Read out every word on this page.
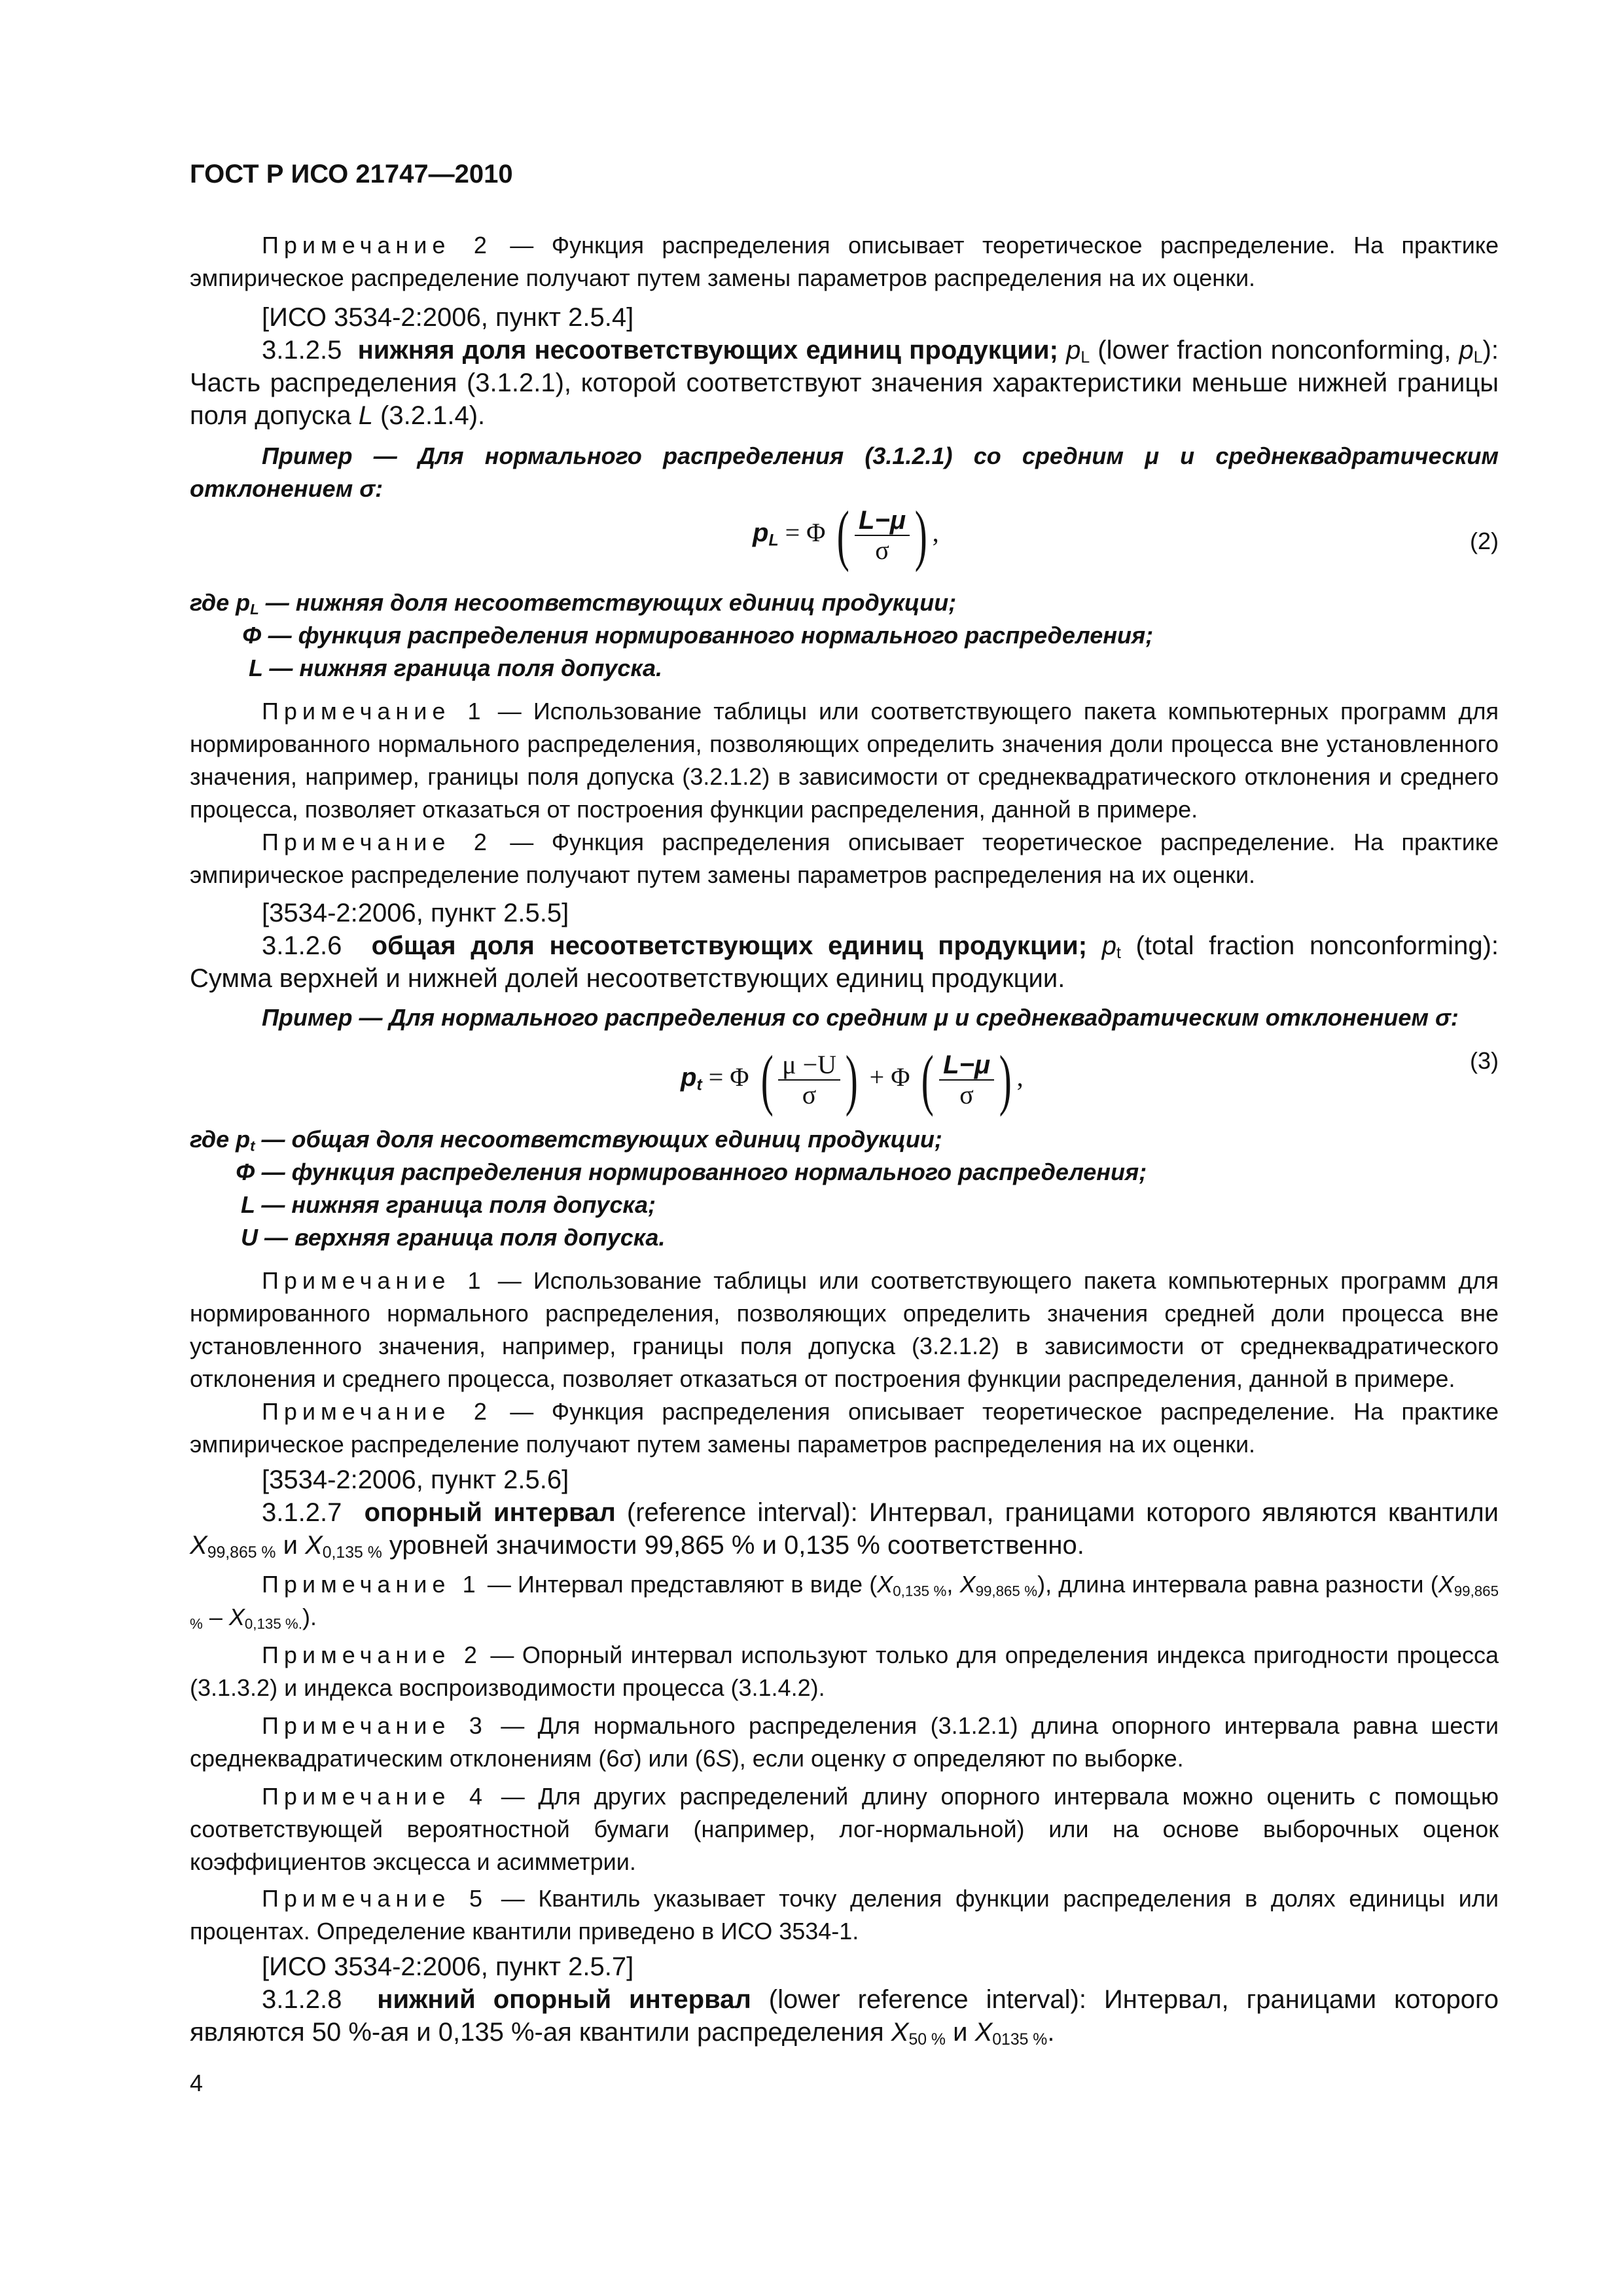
ГОСТ Р ИСО 21747—2010

Примечание 2 — Функция распределения описывает теоретическое распределение. На практике эмпирическое распределение получают путем замены параметров распределения на их оценки.

[ИСО 3534-2:2006, пункт 2.5.4]

3.1.2.5 нижняя доля несоответствующих единиц продукции; $p_L$ (lower fraction nonconforming, $p_L$): Часть распределения (3.1.2.1), которой соответствуют значения характеристики меньше нижней границы поля допуска L (3.2.1.4).

Пример — Для нормального распределения (3.1.2.1) со средним μ и среднеквадратическим отклонением σ:

$p_L = \Phi$ ( $\frac{L-\mu}{\sigma}$ ) ,	(2)

где $p_L$ — нижняя доля несоответствующих единиц продукции;

Φ — функция распределения нормированного нормального распределения;

L — нижняя граница поля допуска.

Примечание 1 — Использование таблицы или соответствующего пакета компьютерных программ для нормированного нормального распределения, позволяющих определить значения доли процесса вне установленного значения, например, границы поля допуска (3.2.1.2) в зависимости от среднеквадратического отклонения и среднего процесса, позволяет отказаться от построения функции распределения, данной в примере.

Примечание 2 — Функция распределения описывает теоретическое распределение. На практике эмпирическое распределение получают путем замены параметров распределения на их оценки.

[3534-2:2006, пункт 2.5.5]

3.1.2.6 общая доля несоответствующих единиц продукции; $p_t$ (total fraction nonconforming): Сумма верхней и нижней долей несоответствующих единиц продукции.

Пример — Для нормального распределения со средним μ и среднеквадратическим отклонением σ:

$p_t = \Phi$ ( $\frac{\mu -U}{\sigma}$ ) + Φ ( $\frac{L-\mu}{\sigma}$ ) ,
(3)

где $p_t$ — общая доля несоответствующих единиц продукции;

Φ — функция распределения нормированного нормального распределения;

L — нижняя граница поля допуска;

U — верхняя граница поля допуска.

Примечание 1 — Использование таблицы или соответствующего пакета компьютерных программ для нормированного нормального распределения, позволяющих определить значения средней доли процесса вне установленного значения, например, границы поля допуска (3.2.1.2) в зависимости от среднеквадратического отклонения и среднего процесса, позволяет отказаться от построения функции распределения, данной в примере.

Примечание 2 — Функция распределения описывает теоретическое распределение. На практике эмпирическое распределение получают путем замены параметров распределения на их оценки.

[3534-2:2006, пункт 2.5.6]

3.1.2.7 опорный интервал (reference interval): Интервал, границами которого являются квантили $X_{99,865 \%}$ и $X_{0,135 \%}$ уровней значимости 99,865 % и 0,135 % соответственно.

Примечание 1 — Интервал представляют в виде ($X_{0,135 \%}$, $X_{99,865 \%}$), длина интервала равна разности $(X_{99,865 \%} - X_{0,135 \%.})$.

Примечание 2 — Опорный интервал используют только для определения индекса пригодности процесса (3.1.3.2) и индекса воспроизводимости процесса (3.1.4.2).

Примечание 3 — Для нормального распределения (3.1.2.1) длина опорного интервала равна шести среднеквадратическим отклонениям (6σ) или (6S), если оценку σ определяют по выборке.

Примечание 4 — Для других распределений длину опорного интервала можно оценить с помощью соответствующей вероятностной бумаги (например, лог-нормальной) или на основе выборочных оценок коэффициентов эксцесса и асимметрии.

Примечание 5 — Квантиль указывает точку деления функции распределения в долях единицы или процентах. Определение квантили приведено в ИСО 3534-1.

[ИСО 3534-2:2006, пункт 2.5.7]

3.1.2.8 нижний опорный интервал (lower reference interval): Интервал, границами которого являются 50 %-ая и 0,135 %-ая квантили распределения $X_{50 \%}$ и $X_{0135 \%}$.

4
